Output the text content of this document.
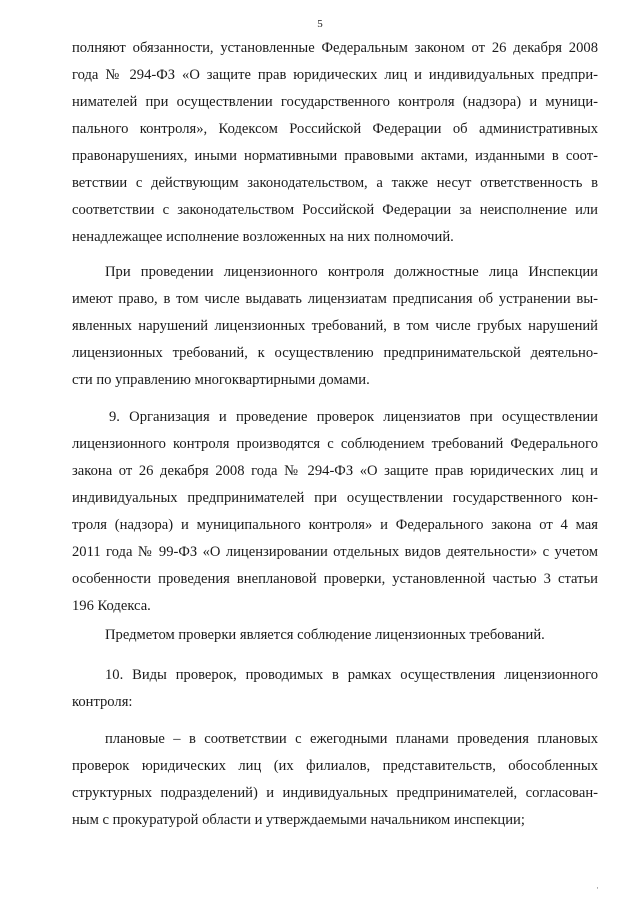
5
полняют обязанности, установленные Федеральным законом от 26 декабря 2008
года № 294-ФЗ «О защите прав юридических лиц и индивидуальных предпри-
нимателей при осуществлении государственного контроля (надзора) и муници-
пального контроля», Кодексом Российской Федерации об административных
правонарушениях, иными нормативными правовыми актами, изданными в соот-
ветствии с действующим законодательством, а также несут ответственность в
соответствии с законодательством Российской Федерации за неисполнение или
ненадлежащее исполнение возложенных на них полномочий.
При проведении лицензионного контроля должностные лица Инспекции
имеют право, в том числе выдавать лицензиатам предписания об устранении вы-
явленных нарушений лицензионных требований, в том числе грубых нарушений
лицензионных требований, к осуществлению предпринимательской деятельно-
сти по управлению многоквартирными домами.
9. Организация и проведение проверок лицензиатов при осуществлении
лицензионного контроля производятся с соблюдением требований Федерального
закона от 26 декабря 2008 года № 294-ФЗ «О защите прав юридических лиц и
индивидуальных предпринимателей при осуществлении государственного кон-
троля (надзора) и муниципального контроля» и Федерального закона от 4 мая
2011 года № 99-ФЗ «О лицензировании отдельных видов деятельности» с учетом
особенности проведения внеплановой проверки, установленной частью 3 статьи
196 Кодекса.
Предметом проверки является соблюдение лицензионных требований.
10. Виды проверок, проводимых в рамках осуществления лицензионного
контроля:
плановые – в соответствии с ежегодными планами проведения плановых
проверок юридических лиц (их филиалов, представительств, обособленных
структурных подразделений) и индивидуальных предпринимателей, согласован-
ным с прокуратурой области и утверждаемыми начальником инспекции;
·
